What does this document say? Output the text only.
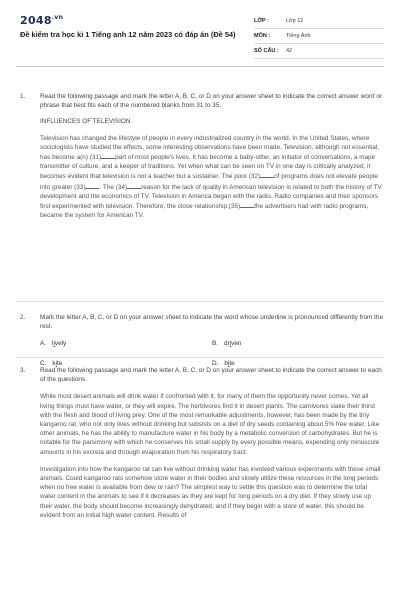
$2048^{.vn}$
Đề kiểm tra học kì 1 Tiếng anh 12 năm 2023 có đáp án (Đề 54)
LỚP :	Lớp 12
MÔN :	Tiếng Anh
SỐ CÂU :	42
1. Read the following passage and mark the letter A, B, C, or D on your answer sheet to indicate the correct answer word or phrase that best fits each of the numbered blanks from 31 to 35.
INFLUENCES OF TELEVISION

Television has changed the lifestyle of people in every industrialized country in the world. In the United States, where sociologists have studied the effects, some interesting observations have been made. Television, although not essential, has become a(n) (31) part of most people's lives. It has become a baby-sitter, an initiator of conversations, a major transmitter of culture, and a keeper of traditions. Yet when what can be seen on TV in one day is critically analyzed, it becomes evident that television is not a teacher but a sustainer. The poor (32) of programs does not elevate people into greater (33) . The (34) reason for the lack of quality in American television is related to both the history of TV development and the economics of TV. Television in America began with the radio. Radio companies and their sponsors first experimented with television. Therefore, the close relationship,(35) the advertisers had with radio programs, became the system for American TV.

2. Mark the letter A, B, C, or D on your answer sheet to indicate the word whose underline is pronounced differently from the rest.
A. lively	B. driven
C. kite	D. bite
3. Read the following passage and mark the letter A, B, C, or D on your answer sheet to indicate the correct answer to each of the questions.

While most desert animals will drink water if confronted with it, for many of them the opportunity never comes. Yet all living things must have water, or they will expire. The herbivores find it in desert plants. The carnivores slake their thirst with the flesh and blood of living prey. One of the most remarkable adjustments, however, has been made by the tiny kangaroo rat, who not only lives without drinking but subsists on a diet of dry seeds containing about 5% free water. Like other animals, he has the ability to manufacture water in his body by a metabolic conversion of carbohydrates. But he is notable for the parsimony with which he conserves his small supply by every possible means, expending only minuscule amounts in his excreta and through evaporation from his respiratory tract.

Investigation into how the kangaroo rat can live without drinking water has involved various experiments with these small animals. Could kangaroo rats somehow store water in their bodies and slowly utilize these resources in the long periods when no free water is available from dew or rain? The simplest way to settle this question was to determine the total water content in the animals to see if it decreases as they are kept for long periods on a dry diet. If they slowly use up their water, the body should become increasingly dehydrated, and if they begin with a store of water, this should be evident from an initial high water content. Results of
